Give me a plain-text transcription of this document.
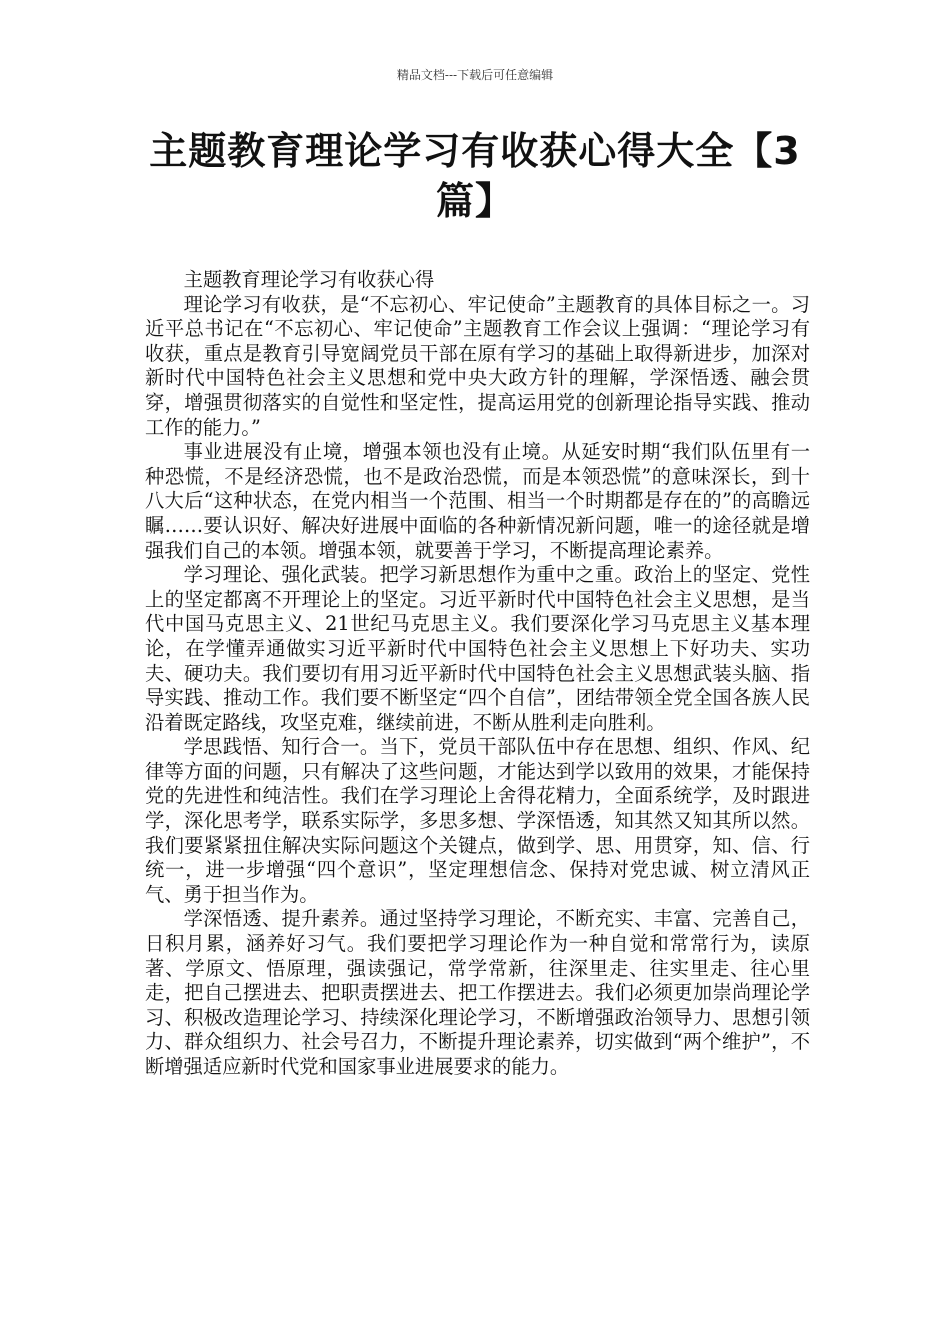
精品文档---下载后可任意编辑
主题教育理论学习有收获心得大全【3篇】

主题教育理论学习有收获心得

理论学习有收获，是“不忘初心、牢记使命”主题教育的具体目标之一。习近平总书记在“不忘初心、牢记使命”主题教育工作会议上强调：“理论学习有收获，重点是教育引导宽阔党员干部在原有学习的基础上取得新进步，加深对新时代中国特色社会主义思想和党中央大政方针的理解，学深悟透、融会贯穿，增强贯彻落实的自觉性和坚定性，提高运用党的创新理论指导实践、推动工作的能力。”

事业进展没有止境，增强本领也没有止境。从延安时期“我们队伍里有一种恐慌，不是经济恐慌，也不是政治恐慌，而是本领恐慌”的意味深长，到十八大后“这种状态，在党内相当一个范围、相当一个时期都是存在的”的高瞻远瞩……要认识好、解决好进展中面临的各种新情况新问题，唯一的途径就是增强我们自己的本领。增强本领，就要善于学习，不断提高理论素养。

学习理论、强化武装。把学习新思想作为重中之重。政治上的坚定、党性上的坚定都离不开理论上的坚定。习近平新时代中国特色社会主义思想，是当代中国马克思主义、21世纪马克思主义。我们要深化学习马克思主义基本理论，在学懂弄通做实习近平新时代中国特色社会主义思想上下好功夫、实功夫、硬功夫。我们要切有用习近平新时代中国特色社会主义思想武装头脑、指导实践、推动工作。我们要不断坚定“四个自信”，团结带领全党全国各族人民沿着既定路线，攻坚克难，继续前进，不断从胜利走向胜利。

学思践悟、知行合一。当下，党员干部队伍中存在思想、组织、作风、纪律等方面的问题，只有解决了这些问题，才能达到学以致用的效果，才能保持党的先进性和纯洁性。我们在学习理论上舍得花精力，全面系统学，及时跟进学，深化思考学，联系实际学，多思多想、学深悟透，知其然又知其所以然。我们要紧紧扭住解决实际问题这个关键点，做到学、思、用贯穿，知、信、行统一，进一步增强“四个意识”，坚定理想信念、保持对党忠诚、树立清风正气、勇于担当作为。

学深悟透、提升素养。通过坚持学习理论，不断充实、丰富、完善自己，日积月累，涵养好习气。我们要把学习理论作为一种自觉和常常行为，读原著、学原文、悟原理，强读强记，常学常新，往深里走、往实里走、往心里走，把自己摆进去、把职责摆进去、把工作摆进去。我们必须更加崇尚理论学习、积极改造理论学习、持续深化理论学习，不断增强政治领导力、思想引领力、群众组织力、社会号召力，不断提升理论素养，切实做到“两个维护”，不断增强适应新时代党和国家事业进展要求的能力。
